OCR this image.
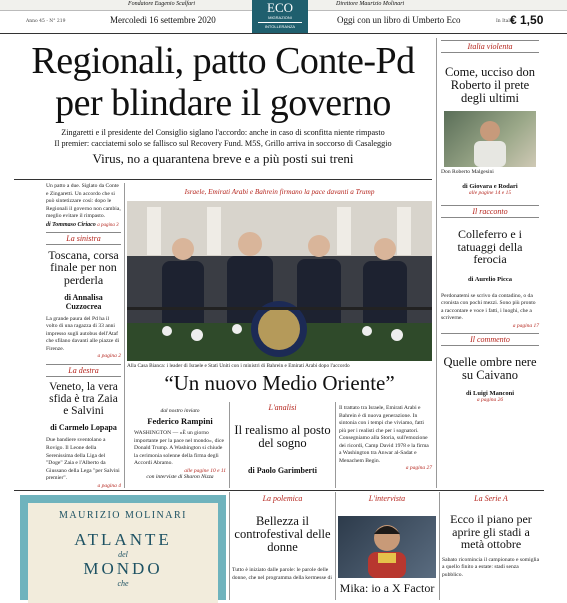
Fondatore Eugenio Scalfari	Direttore Maurizio Molinari
Anno 45 - N° 219	Mercoledì 16 settembre 2020
ECO
MIGRAZIONI
INTOLLERANZA
Oggi con un libro di Umberto Eco	In Italia
€ 1,50
Regionali, patto Conte-Pd
per blindare il governo
Zingaretti e il presidente del Consiglio siglano l'accordo: anche in caso di sconfitta niente rimpasto
Il premier: cacciatemi solo se fallisco sul Recovery Fund. M5S, Grillo arriva in soccorso di Casaleggio
Virus, no a quarantena breve e a più posti sui treni
Un patto a due. Siglato da Conte e Zingaretti. Un accordo che si può sintetizzare così: dopo le Regionali il governo non cambia, meglio evitare il rimpasto.
di Tommaso Ciriaco a pagina 3
La sinistra
Toscana, corsa finale per non perderla
di Annalisa Cuzzocrea
La grande paura del Pd ha il volto di una ragazza di 33 anni impresso sugli autobus dell'Ataf che sfilano davanti alle piazze di Firenze.
a pagina 2
La destra
Veneto, la vera sfida è tra Zaia e Salvini
di Carmelo Lopapa
Due bandiere sventolano a Rovigo. Il Leone della Serenissima della Liga del "Doge" Zaia e l'Alberto da Giussano della Lega "per Salvini premier".
a pagina 4
Israele, Emirati Arabi e Bahrein firmano la pace davanti a Trump
Alla Casa Bianca: i leader di Israele e Stati Uniti con i ministri di Bahrein e Emirati Arabi dopo l'accordo
“Un nuovo Medio Oriente”
dal nostro inviato
Federico Rampini
WASHINGTON — «È un giorno importante per la pace nel mondo», dice Donald Trump. A Washington si chiude la cerimonia solenne della firma degli Accordi Abramo.
alle pagine 10 e 11
con interviste di Sharon Nizza
L'analisi
Il realismo al posto del sogno
di Paolo Garimberti
Il trattato tra Israele, Emirati Arabi e Bahrein è di nuova generazione. In sintonia con i tempi che viviamo, fatti più per i realisti che per i sognatori. Consegniamo alla Storia, sull'emozione dei ricordi, Camp David 1978 e la firma a Washington tra Anwar al-Sadat e Menachem Begin.
a pagina 27
Italia violenta
Come, ucciso don Roberto il prete degli ultimi
Don Roberto Malgesini
di Giovara e Rodari
alle pagine 14 e 15
Il racconto
Colleferro e i tatuaggi della ferocia
di Aurelio Picca
Perdonatemi se scrivo da contadino, o da cronista con pochi mezzi. Sono più pronto a raccontare e voce i fatti, i luoghi, che a scriverne.
a pagina 17
Il commento
Quelle ombre nere su Caivano
di Luigi Manconi
a pagina 26
MAURIZIO MOLINARI
ATLANTE
del
MONDO
che
La polemica
Bellezza il controfestival delle donne
Tutto è iniziato dalle parole: le parole delle donne, che nel programma della kermesse di
L'intervista
Mika: io a X Factor
La Serie A
Ecco il piano per aprire gli stadi a metà ottobre
Sabato ricomincia il campionato e somiglia a quello finito a estate: stadi senza pubblico.
